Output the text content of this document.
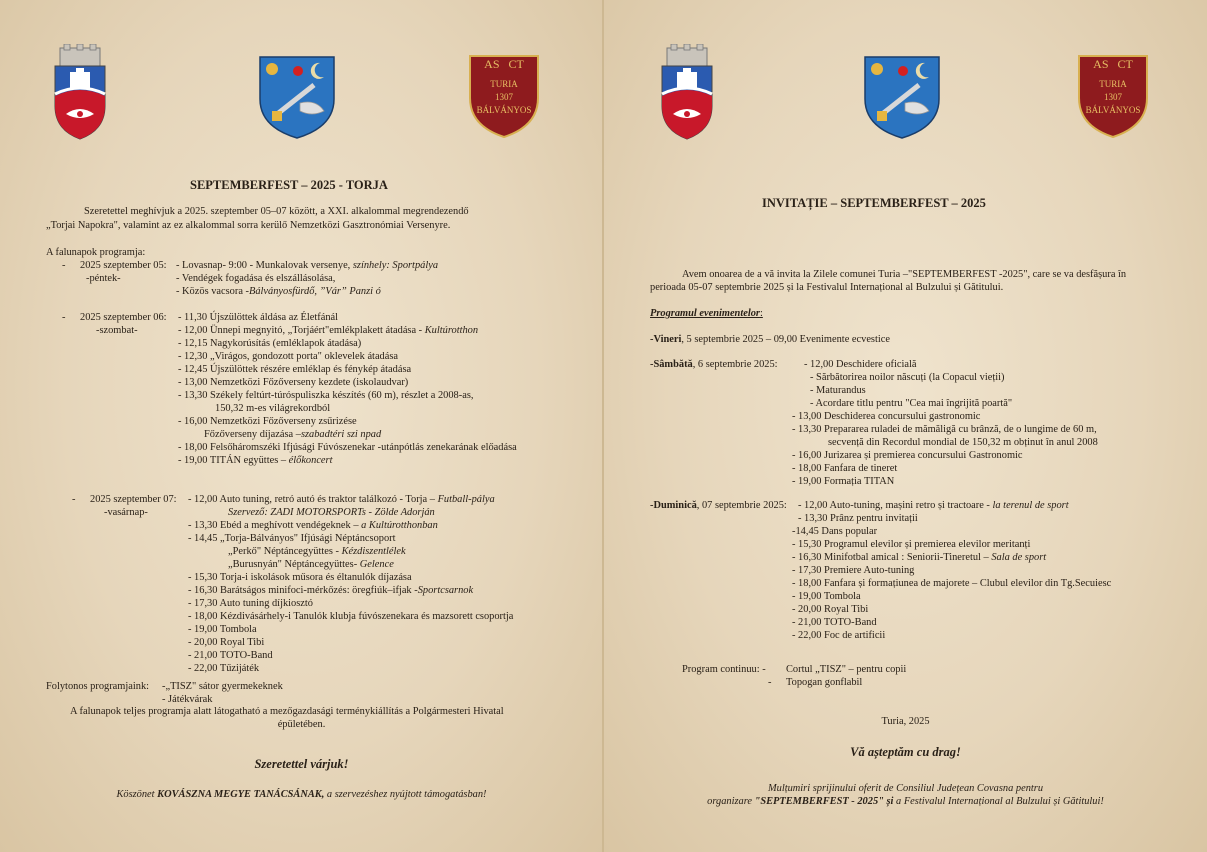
AS CT
TURIA
1307
BÁLVÁNYOS
SEPTEMBERFEST – 2025 - TORJA
Szeretettel meghívjuk a 2025. szeptember 05–07 között, a XXI. alkalommal megrendezendő
„Torjai Napokra", valamint az ez alkalommal sorra kerülő Nemzetközi Gasztronómiai Versenyre.
A falunapok programja:
- 2025 szeptember 05:
-péntek-
- Lovasnap- 9:00 - Munkalovak versenye, színhely: Sportpálya
- Vendégek fogadása és elszállásolása,
- Közös vacsora -Bálványosfürdő, ”Vár” Panzi ó
- 2025 szeptember 06:
-szombat-
- 11,30 Újszülöttek áldása az Életfánál
- 12,00 Ünnepi megnyitó, „Torjáért"emlékplakett átadása - Kultúrotthon
- 12,15 Nagykorúsítás (emléklapok átadása)
- 12,30 „Virágos, gondozott porta" oklevelek átadása
- 12,45 Újszülöttek részére emléklap és fénykép átadása
- 13,00 Nemzetközi Főzőverseny kezdete (iskolaudvar)
- 13,30 Székely feltúrt-túróspuliszka készítés (60 m), részlet a 2008-as,
150,32 m-es világrekordból
- 16,00 Nemzetközi Főzőverseny zsűrizése
Főzőverseny díjazása –szabadtéri szi npad
- 18,00 Felsőháromszéki Ifjúsági Fúvószenekar -utánpótlás zenekarának előadása
- 19,00 TITÁN együttes – élőkoncert
- 2025 szeptember 07:
-vasárnap-
- 12,00 Auto tuning, retró autó és traktor találkozó - Torja – Futball-pálya
Szervező: ZADI MOTORSPORTs - Zölde Adorján
- 13,30 Ebéd a meghívott vendégeknek – a Kultúrotthonban
- 14,45 „Torja-Bálványos" Ifjúsági Néptáncsoport
„Perkő" Néptáncegyüttes - Kézdiszentlélek
„Burusnyán" Néptáncegyüttes- Gelence
- 15,30 Torja-i iskolások műsora és éltanulók díjazása
- 16,30 Barátságos minifoci-mérkőzés: öregfiúk–ifjak -Sportcsarnok
- 17,30 Auto tuning díjkiosztó
- 18,00 Kézdivásárhely-i Tanulók klubja fúvószenekara és mazsorett csoportja
- 19,00 Tombola
- 20,00 Royal Tibi
- 21,00 TOTO-Band
- 22,00 Tűzijáték
Folytonos programjaink: -„TISZ" sátor gyermekeknek
- Játékvárak
A falunapok teljes programja alatt látogatható a mezőgazdasági terménykiállítás a Polgármesteri Hivatal
épületében.
Szeretettel várjuk!
Köszönet KOVÁSZNA MEGYE TANÁCSÁNAK, a szervezéshez nyújtott támogatásban!
AS CT
TURIA
1307
BÁLVÁNYOS
INVITAȚIE – SEPTEMBERFEST – 2025
Avem onoarea de a vă invita la Zilele comunei Turia –"SEPTEMBERFEST -2025", care se va desfășura în
perioada 05-07 septembrie 2025 și la Festivalul Internațional al Bulzului și Gătitului.
Programul evenimentelor:
-Vineri, 5 septembrie 2025 – 09,00 Evenimente ecvestice
-Sâmbătă, 6 septembrie 2025:	- 12,00 Deschidere oficială
- Sărbătorirea noilor născuți (la Copacul vieții)
- Maturandus
- Acordare titlu pentru "Cea mai îngrijită poartă"
- 13,00 Deschiderea concursului gastronomic
- 13,30 Prepararea ruladei de mămăligă cu brânză, de o lungime de 60 m,
secvență din Recordul mondial de 150,32 m obținut în anul 2008
- 16,00 Jurizarea și premierea concursului Gastronomic
- 18,00 Fanfara de tineret
- 19,00 Formația TITAN
-Duminică, 07 septembrie 2025: - 12,00 Auto-tuning, mașini retro și tractoare - la terenul de sport
- 13,30 Prânz pentru invitații
-14,45 Dans popular
- 15,30 Programul elevilor și premierea elevilor meritanți
- 16,30 Minifotbal amical : Seniorii-Tineretul – Sala de sport
- 17,30 Premiere Auto-tuning
- 18,00 Fanfara și formațiunea de majorete – Clubul elevilor din Tg.Secuiesc
- 19,00 Tombola
- 20,00 Royal Tibi
- 21,00 TOTO-Band
- 22,00 Foc de artificii
Program continuu: - Cortul „TISZ" – pentru copii
- Topogan gonflabil
Turia, 2025
Vă așteptăm cu drag!
Mulțumiri sprijinului oferit de Consiliul Județean Covasna pentru
organizare "SEPTEMBERFEST - 2025" și a Festivalul Internațional al Bulzului și Gătitului!
